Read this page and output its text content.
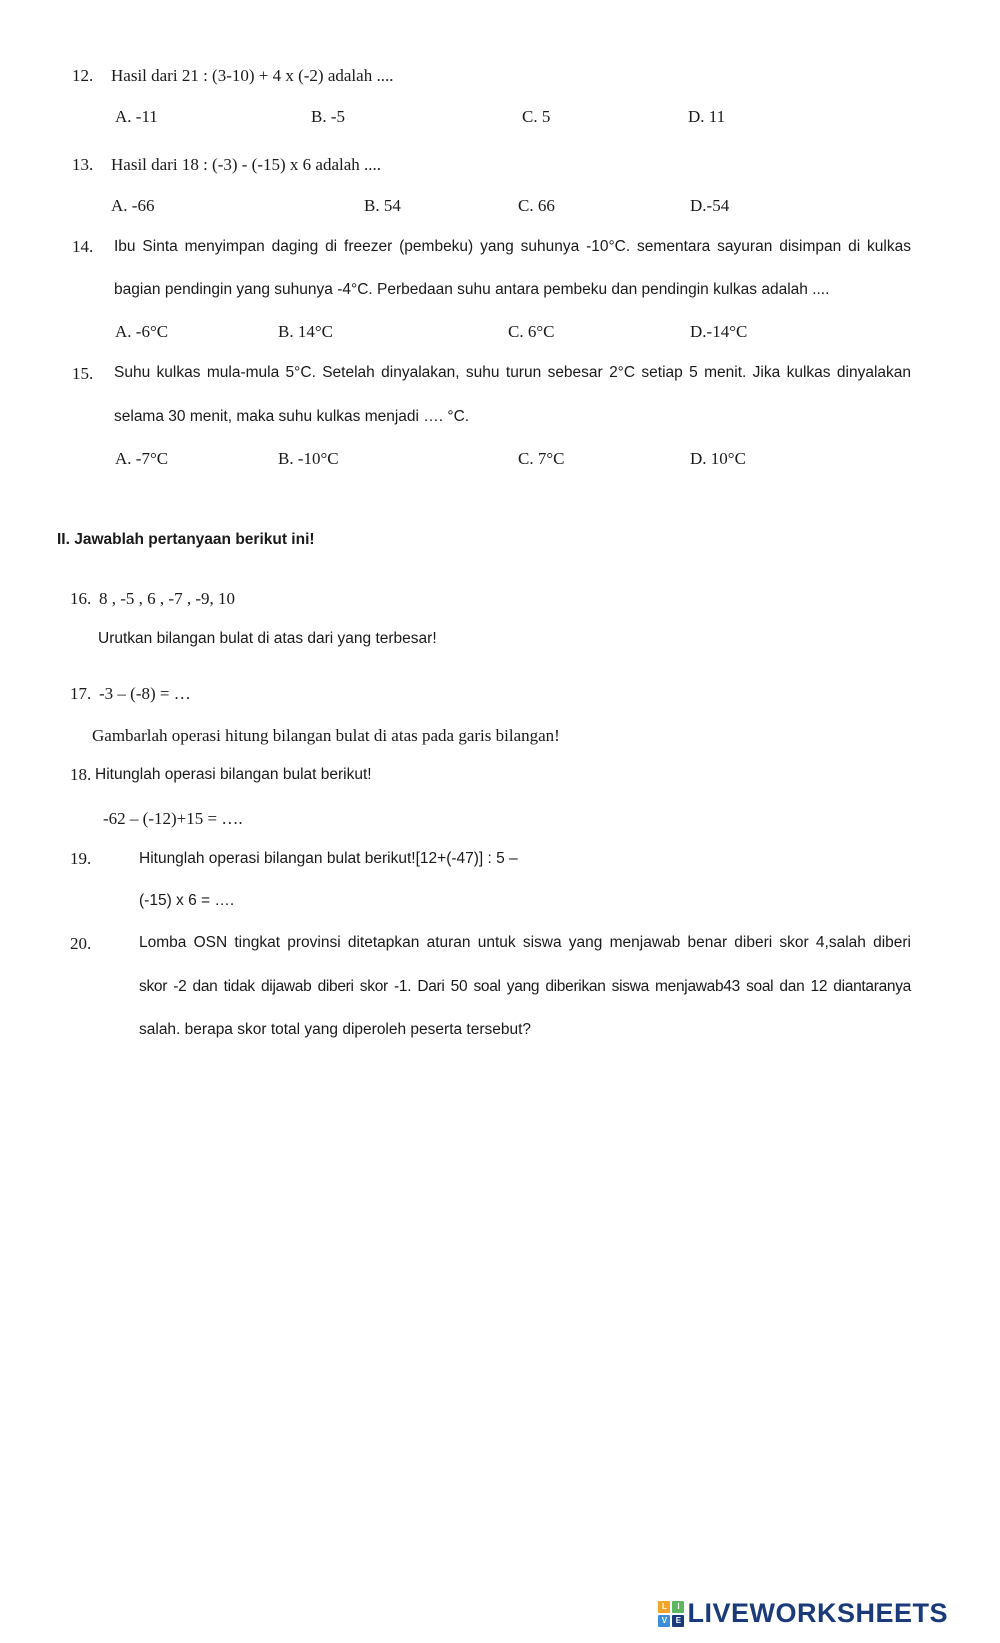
12. Hasil dari 21 : (3-10) + 4 x (-2) adalah ....
A. -11	B. -5	C. 5	D. 11
13. Hasil dari 18 : (-3) - (-15) x 6 adalah ....
A. -66	B. 54	C. 66	D.-54
14. Ibu Sinta menyimpan daging di freezer (pembeku) yang suhunya -10°C. sementara sayuran disimpan di kulkas
bagian pendingin yang suhunya -4°C. Perbedaan suhu antara pembeku dan pendingin kulkas adalah ....
A. -6°C	B. 14°C	C. 6°C	D.-14°C
15. Suhu kulkas mula-mula 5°C. Setelah dinyalakan, suhu turun sebesar 2°C setiap 5 menit. Jika kulkas dinyalakan
selama 30 menit, maka suhu kulkas menjadi …. °C.
A. -7°C	B. -10°C	C. 7°C	D. 10°C
II. Jawablah pertanyaan berikut ini!
16. 8 , -5 , 6 , -7 , -9, 10
Urutkan bilangan bulat di atas dari yang terbesar!
17. -3 – (-8) = …
Gambarlah operasi hitung bilangan bulat di atas pada garis bilangan!
18. Hitunglah operasi bilangan bulat berikut!
-62 – (-12)+15 = ….
19.	Hitunglah operasi bilangan bulat berikut![12+(-47)] : 5 –
(-15) x 6 = ….
20.	Lomba OSN tingkat provinsi ditetapkan aturan untuk siswa yang menjawab benar diberi skor 4,salah diberi
skor -2 dan tidak dijawab diberi skor -1. Dari 50 soal yang diberikan siswa menjawab43 soal dan 12 diantaranya
salah. berapa skor total yang diperoleh peserta tersebut?
L	I
V	E LIVEWORKSHEETS
